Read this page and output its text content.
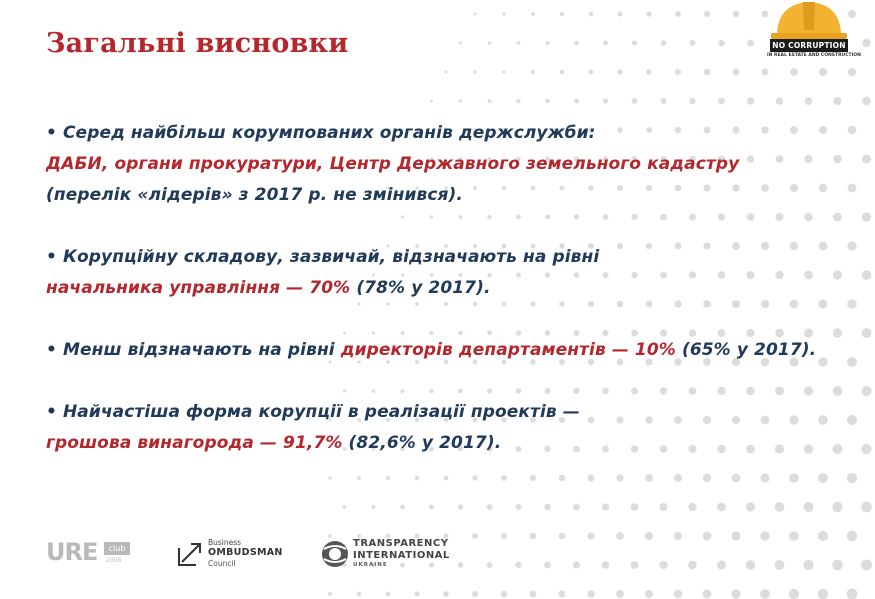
NO CORRUPTION
IN REAL ESTATE AND CONSTRUCTION
Загальні висновки
• Серед найбільш корумпованих органів держслужби:
ДАБИ, органи прокуратури, Центр Державного земельного кадастру
(перелік «лідерів» з 2017 р. не змінився).
• Корупційну складову, зазвичай, відзначають на рівні
начальника управління — 70% (78% у 2017).
• Менш відзначають на рівні директорів департаментів — 10% (65% у 2017).
• Найчастіша форма корупції в реалізації проектів —
грошова винагорода — 91,7% (82,6% у 2017).
URE	club
2008
Business
OMBUDSMAN
Council
TRANSPARENCY
INTERNATIONAL
UKRAINE
